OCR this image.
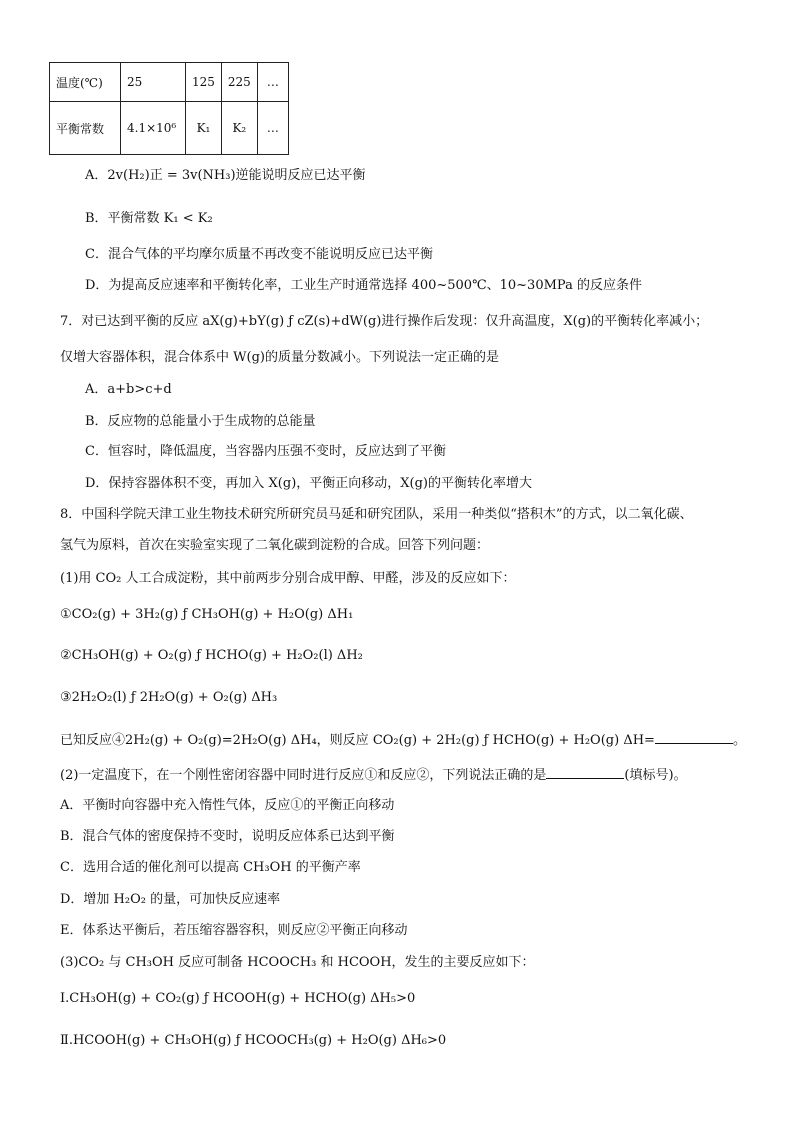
温度(℃)	25	125	225	…
平衡常数	4.1×10⁶	K₁	K₂	…
A．2v(H₂)正 = 3v(NH₃)逆能说明反应已达平衡
B．平衡常数 K₁ < K₂
C．混合气体的平均摩尔质量不再改变不能说明反应已达平衡
D．为提高反应速率和平衡转化率，工业生产时通常选择 400~500℃、10~30MPa 的反应条件
7．对已达到平衡的反应 aX(g)+bY(g) ƒ cZ(s)+dW(g)进行操作后发现：仅升高温度，X(g)的平衡转化率减小；
仅增大容器体积，混合体系中 W(g)的质量分数减小。下列说法一定正确的是
A．a+b>c+d
B．反应物的总能量小于生成物的总能量
C．恒容时，降低温度，当容器内压强不变时，反应达到了平衡
D．保持容器体积不变，再加入 X(g)，平衡正向移动，X(g)的平衡转化率增大
8．中国科学院天津工业生物技术研究所研究员马延和研究团队，采用一种类似“搭积木”的方式，以二氧化碳、
氢气为原料，首次在实验室实现了二氧化碳到淀粉的合成。回答下列问题：
(1)用 CO₂ 人工合成淀粉，其中前两步分别合成甲醇、甲醛，涉及的反应如下：
①CO₂(g) + 3H₂(g) ƒ CH₃OH(g) + H₂O(g) ΔH₁
②CH₃OH(g) + O₂(g) ƒ HCHO(g) + H₂O₂(l) ΔH₂
③2H₂O₂(l) ƒ 2H₂O(g) + O₂(g) ΔH₃
已知反应④2H₂(g) + O₂(g)=2H₂O(g) ΔH₄，则反应 CO₂(g) + 2H₂(g) ƒ HCHO(g) + H₂O(g) ΔH=	。
(2)一定温度下，在一个刚性密闭容器中同时进行反应①和反应②，下列说法正确的是	(填标号)。
A．平衡时向容器中充入惰性气体，反应①的平衡正向移动
B．混合气体的密度保持不变时，说明反应体系已达到平衡
C．选用合适的催化剂可以提高 CH₃OH 的平衡产率
D．增加 H₂O₂ 的量，可加快反应速率
E．体系达平衡后，若压缩容器容积，则反应②平衡正向移动
(3)CO₂ 与 CH₃OH 反应可制备 HCOOCH₃ 和 HCOOH，发生的主要反应如下：
Ⅰ.CH₃OH(g) + CO₂(g) ƒ HCOOH(g) + HCHO(g) ΔH₅>0
Ⅱ.HCOOH(g) + CH₃OH(g) ƒ HCOOCH₃(g) + H₂O(g) ΔH₆>0
